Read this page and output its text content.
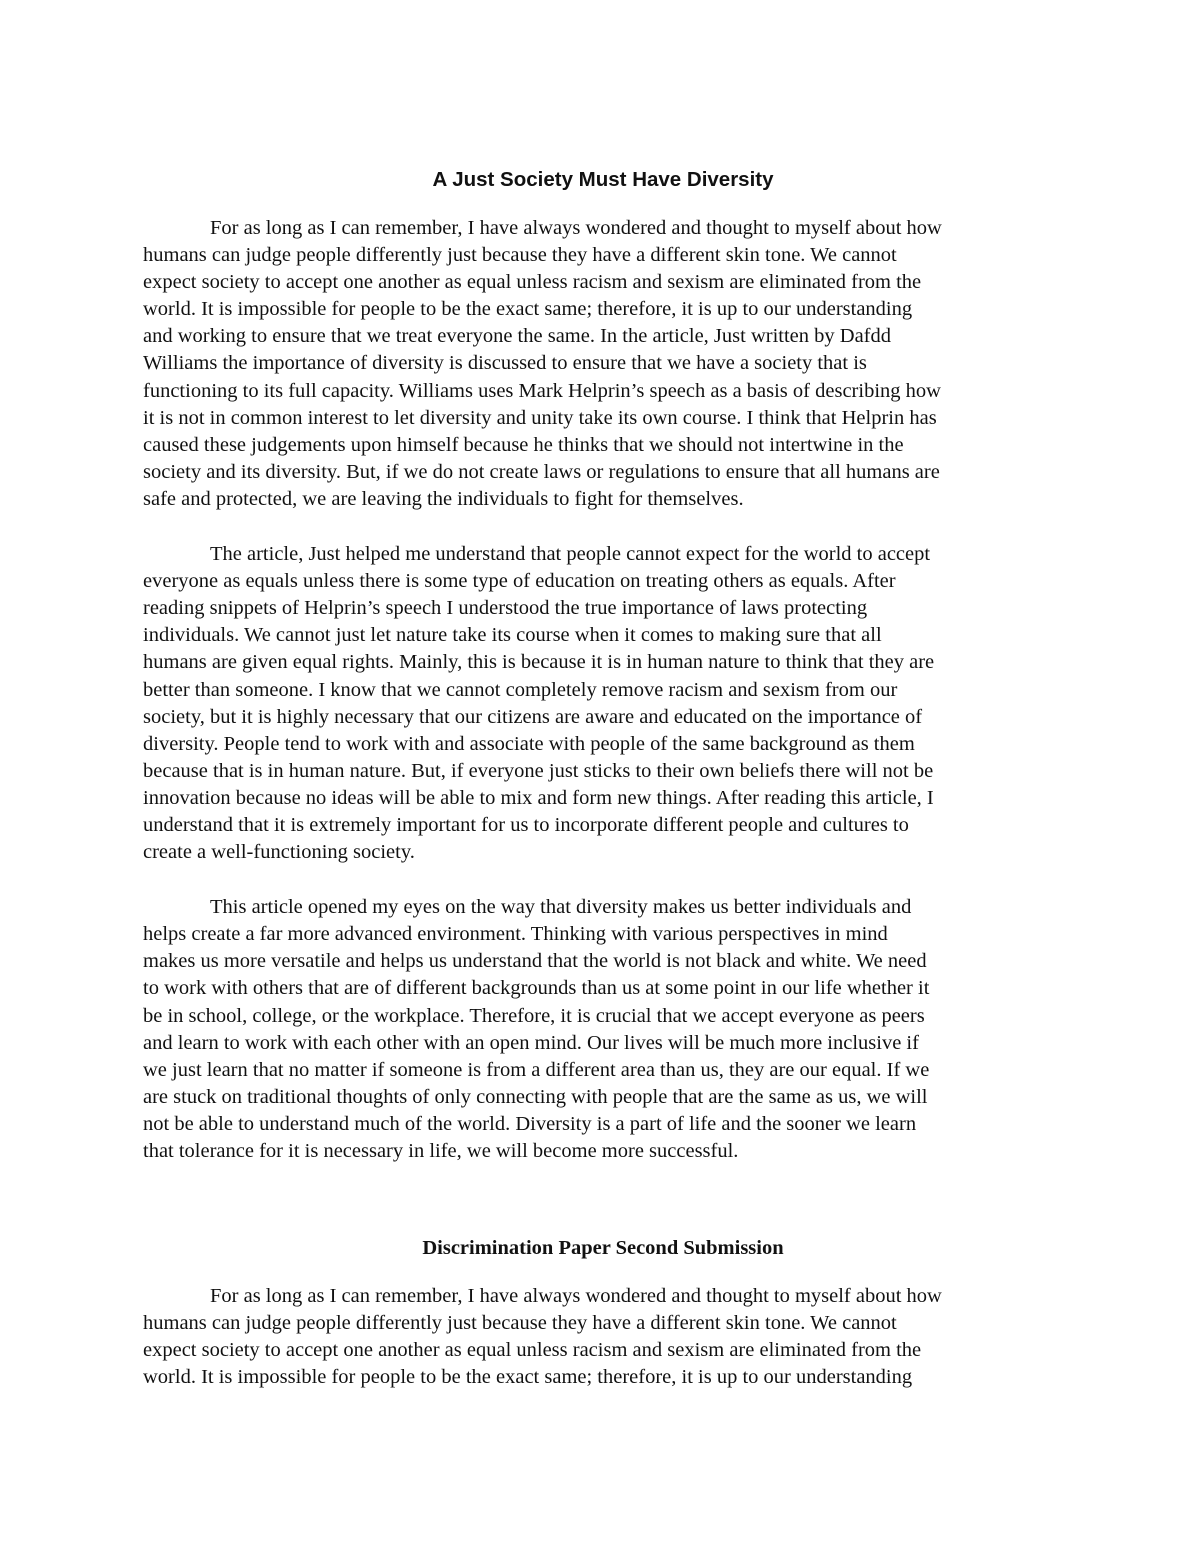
A Just Society Must Have Diversity
For as long as I can remember, I have always wondered and thought to myself about how
humans can judge people differently just because they have a different skin tone. We cannot
expect society to accept one another as equal unless racism and sexism are eliminated from the
world. It is impossible for people to be the exact same; therefore, it is up to our understanding
and working to ensure that we treat everyone the same. In the article, Just written by Dafdd
Williams the importance of diversity is discussed to ensure that we have a society that is
functioning to its full capacity. Williams uses Mark Helprin’s speech as a basis of describing how
it is not in common interest to let diversity and unity take its own course. I think that Helprin has
caused these judgements upon himself because he thinks that we should not intertwine in the
society and its diversity. But, if we do not create laws or regulations to ensure that all humans are
safe and protected, we are leaving the individuals to fight for themselves.
The article, Just helped me understand that people cannot expect for the world to accept
everyone as equals unless there is some type of education on treating others as equals. After
reading snippets of Helprin’s speech I understood the true importance of laws protecting
individuals. We cannot just let nature take its course when it comes to making sure that all
humans are given equal rights. Mainly, this is because it is in human nature to think that they are
better than someone. I know that we cannot completely remove racism and sexism from our
society, but it is highly necessary that our citizens are aware and educated on the importance of
diversity. People tend to work with and associate with people of the same background as them
because that is in human nature. But, if everyone just sticks to their own beliefs there will not be
innovation because no ideas will be able to mix and form new things. After reading this article, I
understand that it is extremely important for us to incorporate different people and cultures to
create a well-functioning society.
This article opened my eyes on the way that diversity makes us better individuals and
helps create a far more advanced environment. Thinking with various perspectives in mind
makes us more versatile and helps us understand that the world is not black and white. We need
to work with others that are of different backgrounds than us at some point in our life whether it
be in school, college, or the workplace. Therefore, it is crucial that we accept everyone as peers
and learn to work with each other with an open mind. Our lives will be much more inclusive if
we just learn that no matter if someone is from a different area than us, they are our equal. If we
are stuck on traditional thoughts of only connecting with people that are the same as us, we will
not be able to understand much of the world. Diversity is a part of life and the sooner we learn
that tolerance for it is necessary in life, we will become more successful.
Discrimination Paper Second Submission
For as long as I can remember, I have always wondered and thought to myself about how
humans can judge people differently just because they have a different skin tone. We cannot
expect society to accept one another as equal unless racism and sexism are eliminated from the
world. It is impossible for people to be the exact same; therefore, it is up to our understanding
